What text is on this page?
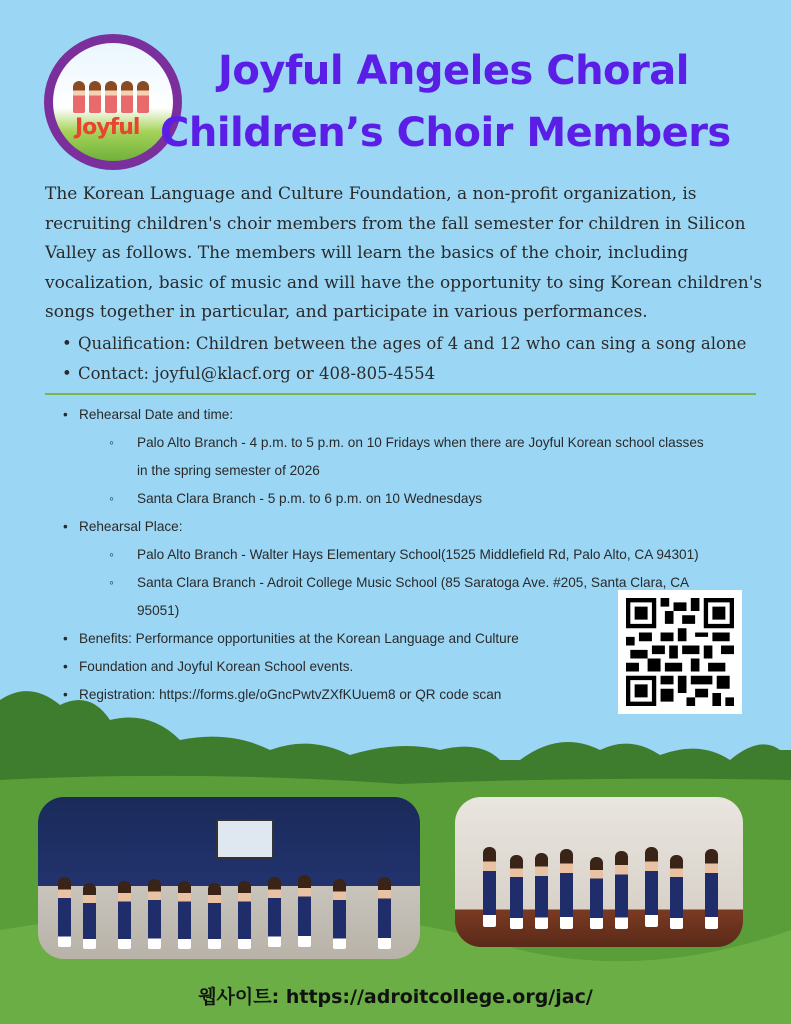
Joyful
Joyful Angeles Choral
Children’s Choir Members

The Korean Language and Culture Foundation, a non-profit organization, is recruiting children's choir members from the fall semester for children in Silicon Valley as follows. The members will learn the basics of the choir, including vocalization, basic of music and will have the opportunity to sing Korean children's songs together in particular, and participate in various performances.

• Qualification: Children between the ages of 4 and 12 who can sing a song alone
• Contact: joyful@klacf.org or 408-805-4554
• Rehearsal Date and time:
◦ Palo Alto Branch - 4 p.m. to 5 p.m. on 10 Fridays when there are Joyful Korean school classes
in the spring semester of 2026
◦ Santa Clara Branch - 5 p.m. to 6 p.m. on 10 Wednesdays
• Rehearsal Place:
◦ Palo Alto Branch - Walter Hays Elementary School(1525 Middlefield Rd, Palo Alto, CA 94301)
◦ Santa Clara Branch - Adroit College Music School (85 Saratoga Ave. #205, Santa Clara, CA
95051)
• Benefits: Performance opportunities at the Korean Language and Culture
• Foundation and Joyful Korean School events.
• Registration: https://forms.gle/oGncPwtvZXfKUuem8 or QR code scan
•
웹사이트: https://adroitcollege.org/jac/
